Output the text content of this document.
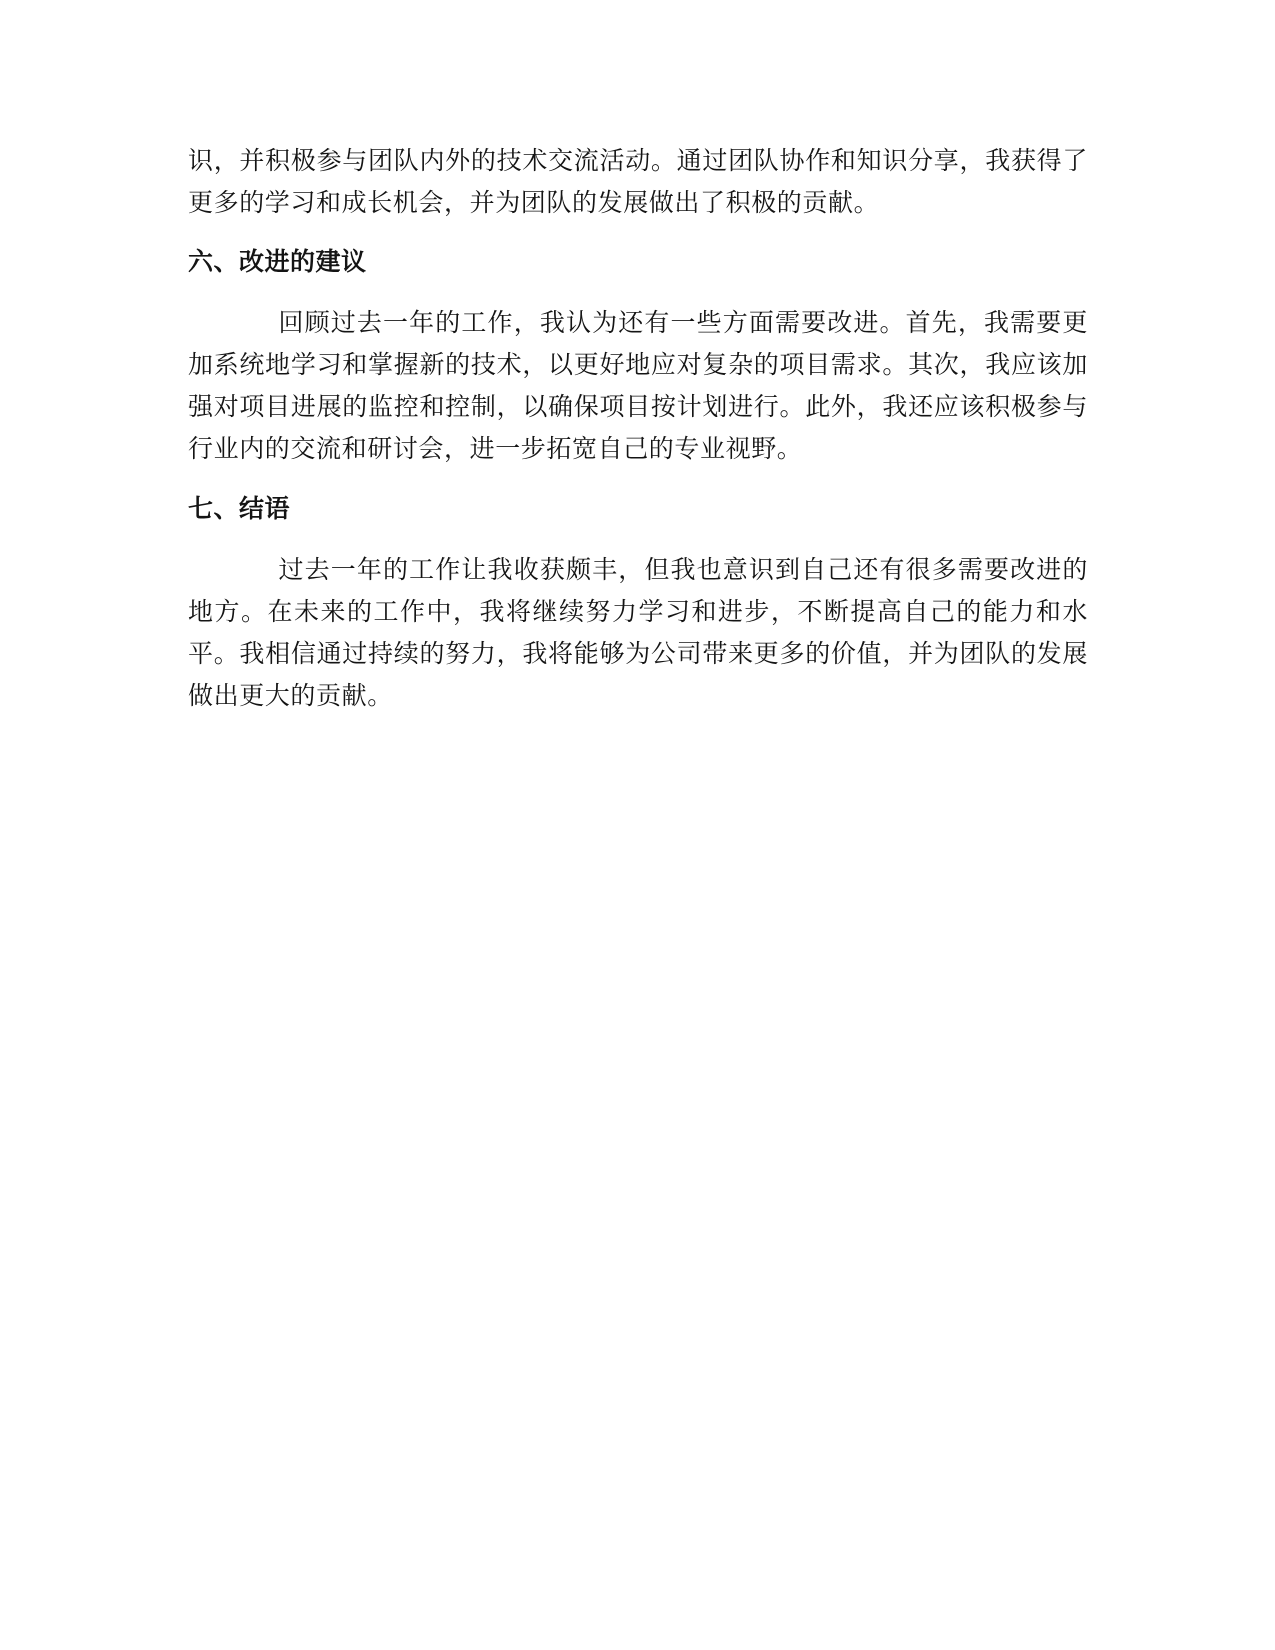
识，并积极参与团队内外的技术交流活动。通过团队协作和知识分享，我获得了更多的学习和成长机会，并为团队的发展做出了积极的贡献。

六、改进的建议

回顾过去一年的工作，我认为还有一些方面需要改进。首先，我需要更加系统地学习和掌握新的技术，以更好地应对复杂的项目需求。其次，我应该加强对项目进展的监控和控制，以确保项目按计划进行。此外，我还应该积极参与行业内的交流和研讨会，进一步拓宽自己的专业视野。

七、结语

过去一年的工作让我收获颇丰，但我也意识到自己还有很多需要改进的地方。在未来的工作中，我将继续努力学习和进步，不断提高自己的能力和水平。我相信通过持续的努力，我将能够为公司带来更多的价值，并为团队的发展做出更大的贡献。
